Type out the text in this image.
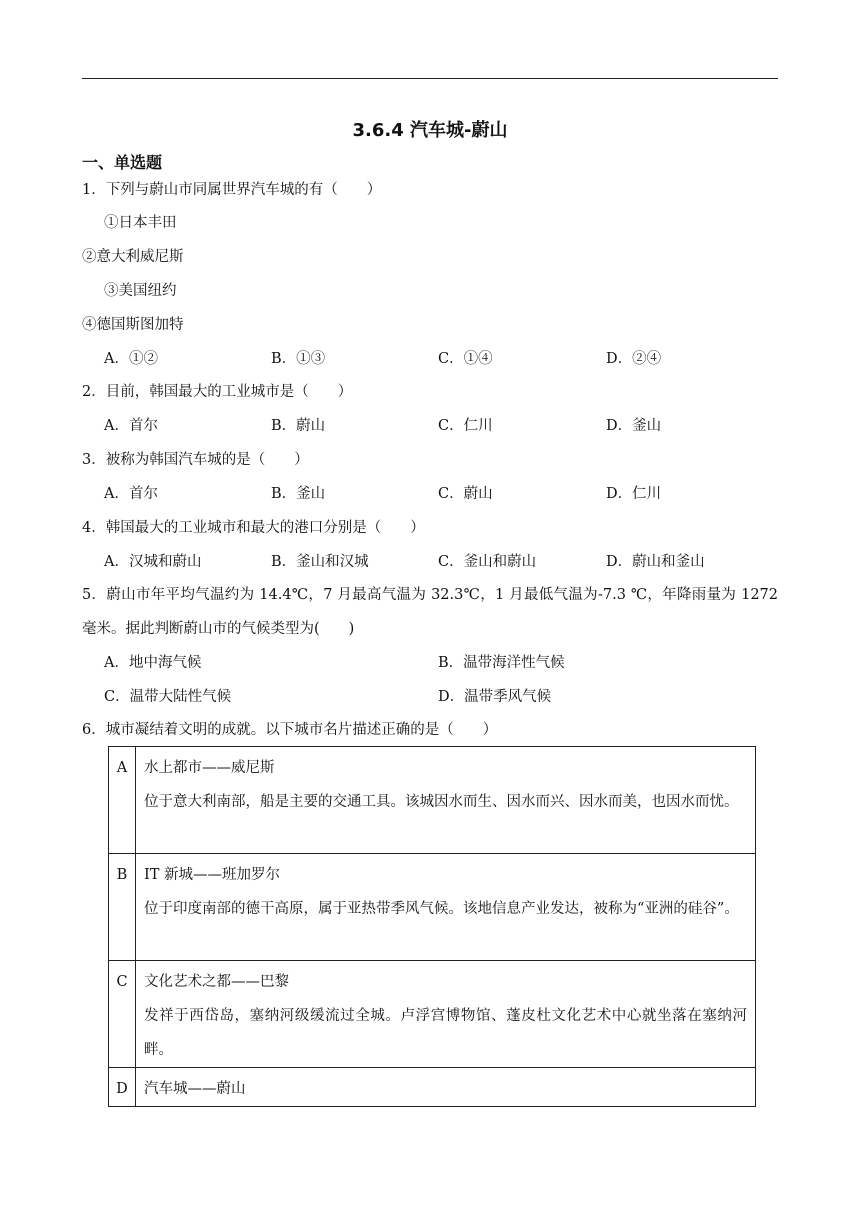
3.6.4 汽车城-蔚山
一、单选题
1．下列与蔚山市同属世界汽车城的有（　　）
①日本丰田
②意大利威尼斯
③美国纽约
④德国斯图加特
A．①②	B．①③	C．①④	D．②④
2．目前，韩国最大的工业城市是（　　）
A．首尔	B．蔚山	C．仁川	D．釜山
3．被称为韩国汽车城的是（　　）
A．首尔	B．釜山	C．蔚山	D．仁川
4．韩国最大的工业城市和最大的港口分别是（　　）
A．汉城和蔚山	B．釜山和汉城	C．釜山和蔚山	D．蔚山和釜山
5．蔚山市年平均气温约为 14.4℃，7 月最高气温为 32.3℃，1 月最低气温为-7.3 ℃，年降雨量为 1272
毫米。据此判断蔚山市的气候类型为(　　)
A．地中海气候	B．温带海洋性气候
C．温带大陆性气候	D．温带季风气候
6．城市凝结着文明的成就。以下城市名片描述正确的是（　　）
A	水上都市——威尼斯
位于意大利南部，船是主要的交通工具。该城因水而生、因水而兴、因水而美，也因水而忧。

B	IT 新城——班加罗尔
位于印度南部的德干高原，属于亚热带季风气候。该地信息产业发达，被称为“亚洲的硅谷”。

C	文化艺术之都——巴黎
发祥于西岱岛，塞纳河级缓流过全城。卢浮宫博物馆、蓬皮杜文化艺术中心就坐落在塞纳河畔。

D	汽车城——蔚山
